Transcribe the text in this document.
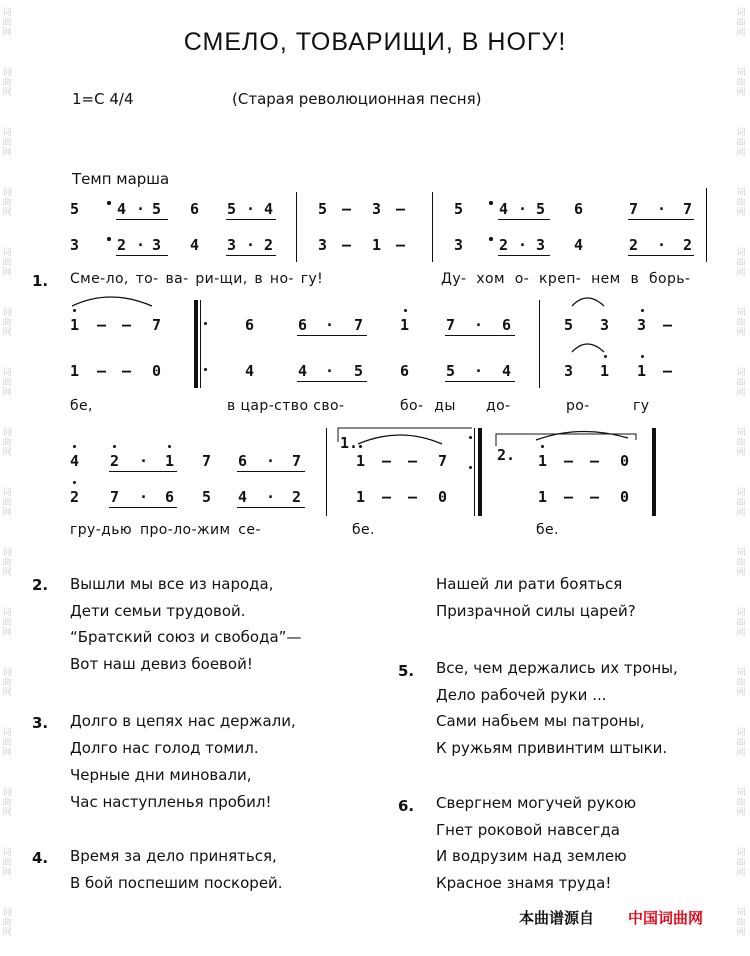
СМЕЛО, ТОВАРИЩИ, В НОГУ!
1=C 4/4	(Старая революционная песня)
Темп марша
5	4 · 5 6 5 · 4	5 — 3 —	5 4 · 5 6	7 · 7
3	2 · 3 4 3 · 2	3 — 1 —	3 2 · 3 4	2 · 2
1. Сме-ло, то- ва- ри-щи, в но- гу!	Ду- хом о- креп- нем в борь-
1 — — 7	6	6 · 7 1 7 · 6	5 3 3 —
1 — — 0	4	4 · 5 6 5 · 4	3 1 1 —
бе,	в цар-ство сво-	бо- ды до-	ро-	гу
4 2 · 1 7 6 · 7	1 — — 7	1 — — 0
2 7 · 6 5 4 · 2	1 — — 0	1 — — 0
1.
2.
гру-дью про-ло-жим се-	бе.	бе.
2. Вышли мы все из народа,
Дети семьи трудовой.
“Братский союз и свобода”—
Вот наш девиз боевой!
Нашей ли рати бояться
Призрачной силы царей?
3. Долго в цепях нас держали,
Долго нас голод томил.
Черные дни миновали,
Час наступленья пробил!
4. Время за дело приняться,
В бой поспешим поскорей.
5. Все, чем держались их троны,
Дело рабочей руки ...
Сами набьем мы патроны,
К ружьям привинтим штыки.
6. Свергнем могучей рукою
Гнет роковой навсегда
И водрузим над землею
Красное знамя труда!
本曲谱源自 中国词曲网
词
曲
网
词
曲
网
词
曲
网
词
曲
网
词
曲
网
词
曲
网
词
曲
网
词
曲
网
词
曲
网
词
曲
网
词
曲
网
词
曲
网
词
曲
网
词
曲
网
词
曲
网
词
曲
网
词
曲
网
词
曲
网
词
曲
网
词
曲
网
词
曲
网
词
曲
网
词
曲
网
词
曲
网
词
曲
网
词
曲
网
词
曲
网
词
曲
网
词
曲
网
词
曲
网
词
曲
网
词
曲
网
